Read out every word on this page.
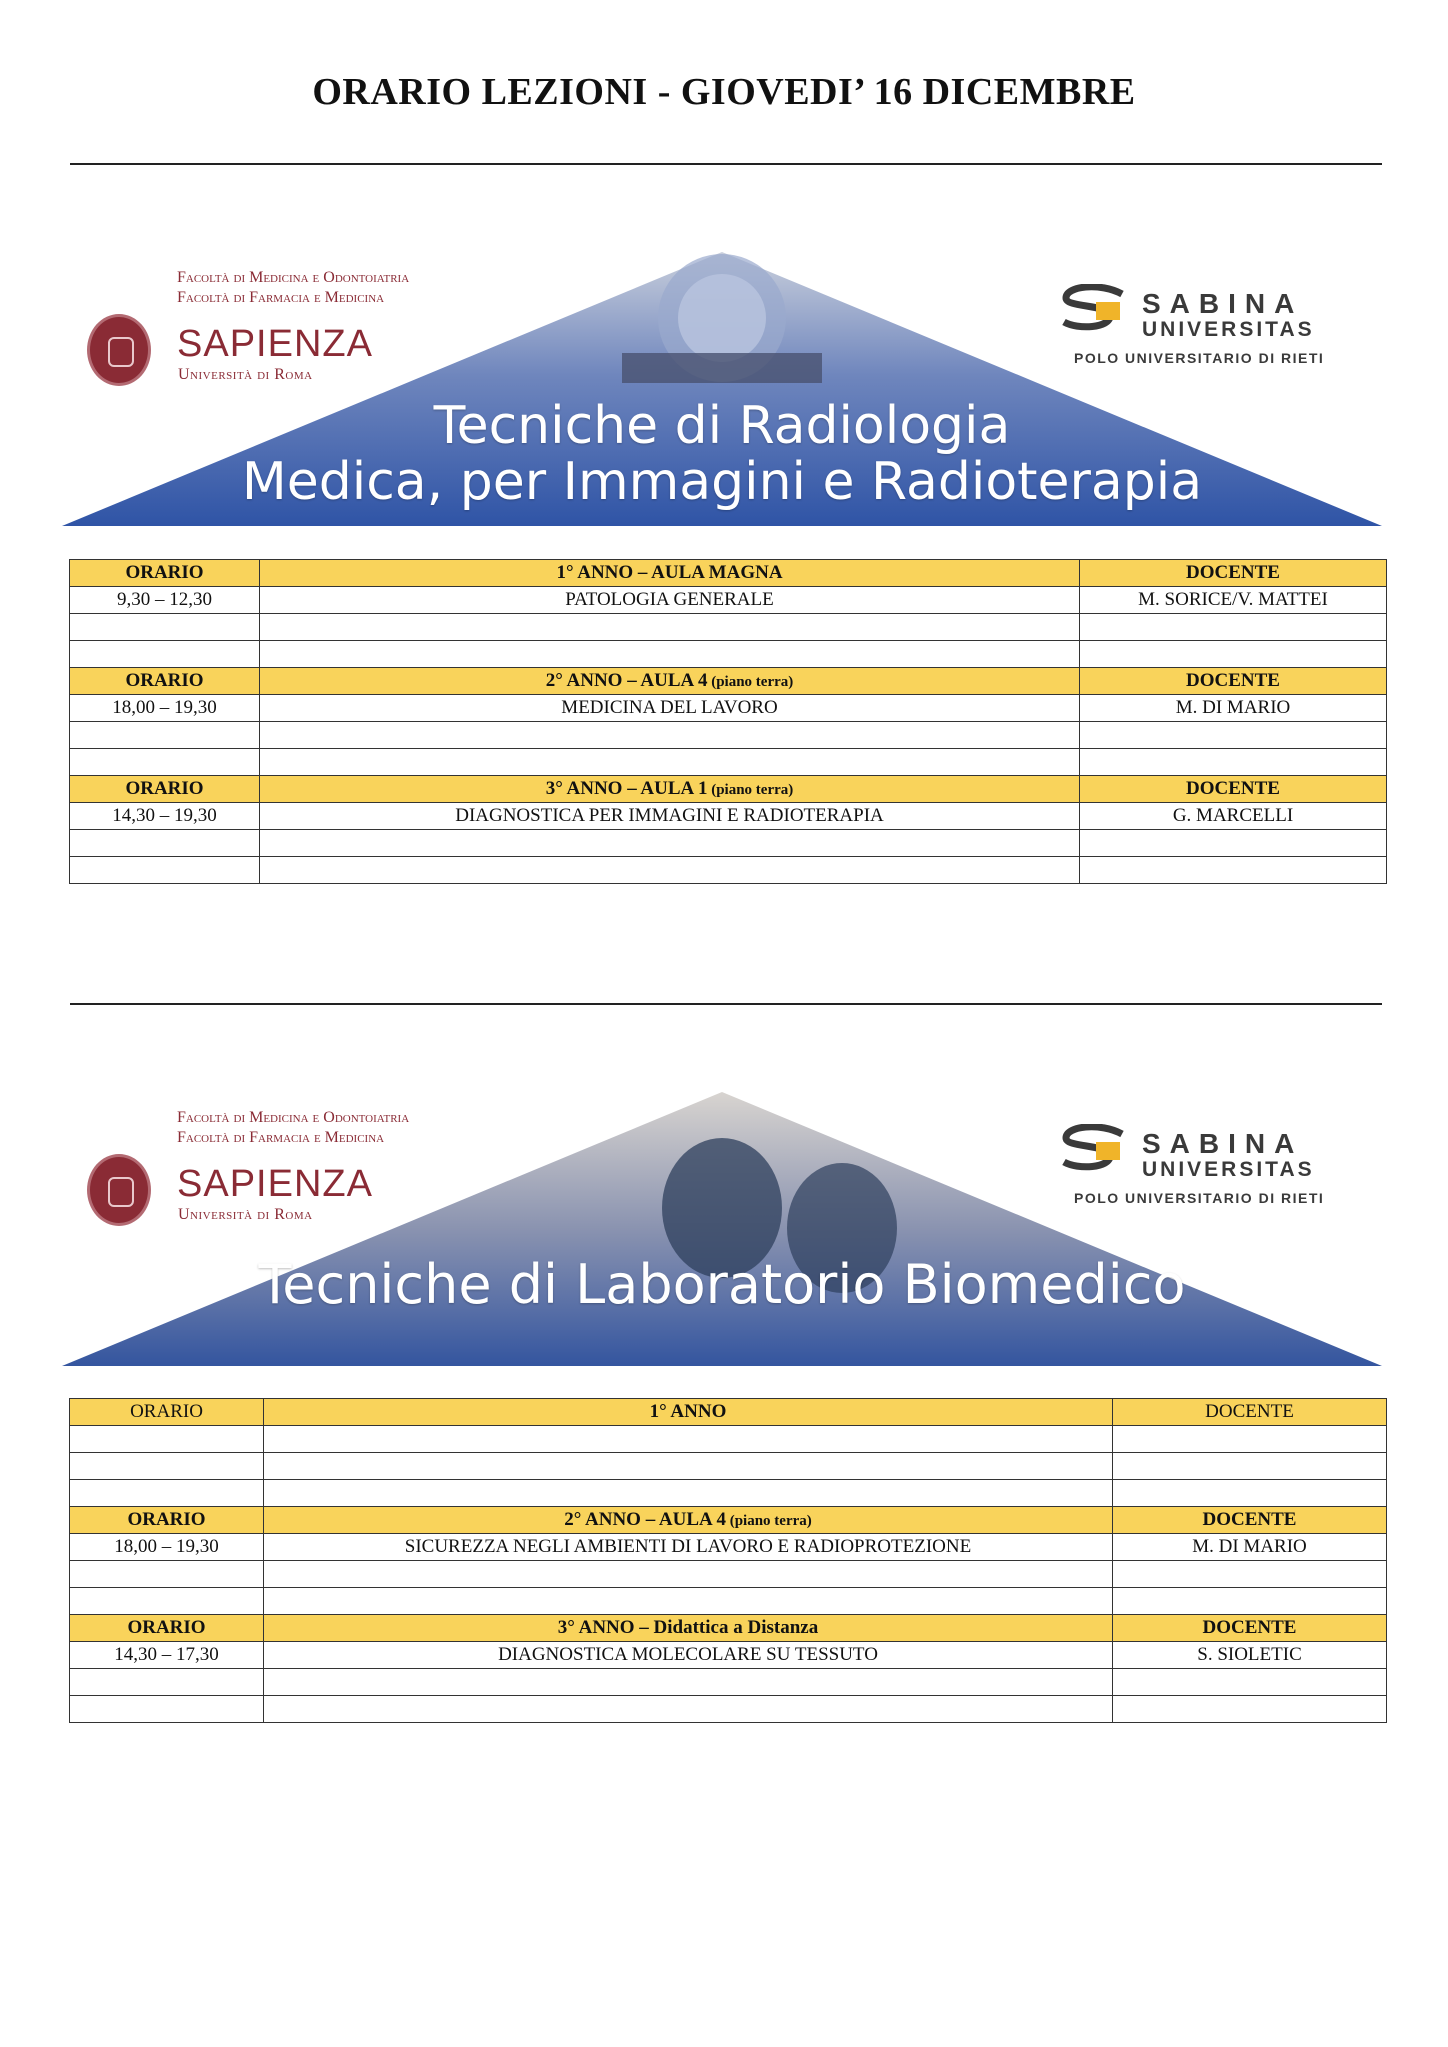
ORARIO LEZIONI - GIOVEDI’ 16 DICEMBRE
Facoltà di Medicina e Odontoiatria
Facoltà di Farmacia e Medicina
SAPIENZA
Università di Roma
SABINA
UNIVERSITAS
POLO UNIVERSITARIO DI RIETI
Tecniche di Radiologia
Medica, per Immagini e Radioterapia
ORARIO	1° ANNO – AULA MAGNA	DOCENTE
9,30 – 12,30	PATOLOGIA GENERALE	M. SORICE/V. MATTEI

ORARIO	2° ANNO – AULA 4 (piano terra)	DOCENTE
18,00 – 19,30	MEDICINA DEL LAVORO	M. DI MARIO

ORARIO	3° ANNO – AULA 1 (piano terra)	DOCENTE
14,30 – 19,30	DIAGNOSTICA PER IMMAGINI E RADIOTERAPIA	G. MARCELLI

Facoltà di Medicina e Odontoiatria
Facoltà di Farmacia e Medicina
SAPIENZA
Università di Roma
SABINA
UNIVERSITAS
POLO UNIVERSITARIO DI RIETI
Tecniche di Laboratorio Biomedico
ORARIO	1° ANNO	DOCENTE

ORARIO	2° ANNO – AULA 4 (piano terra)	DOCENTE
18,00 – 19,30	SICUREZZA NEGLI AMBIENTI DI LAVORO E RADIOPROTEZIONE	M. DI MARIO

ORARIO	3° ANNO – Didattica a Distanza	DOCENTE
14,30 – 17,30	DIAGNOSTICA MOLECOLARE SU TESSUTO	S. SIOLETIC
